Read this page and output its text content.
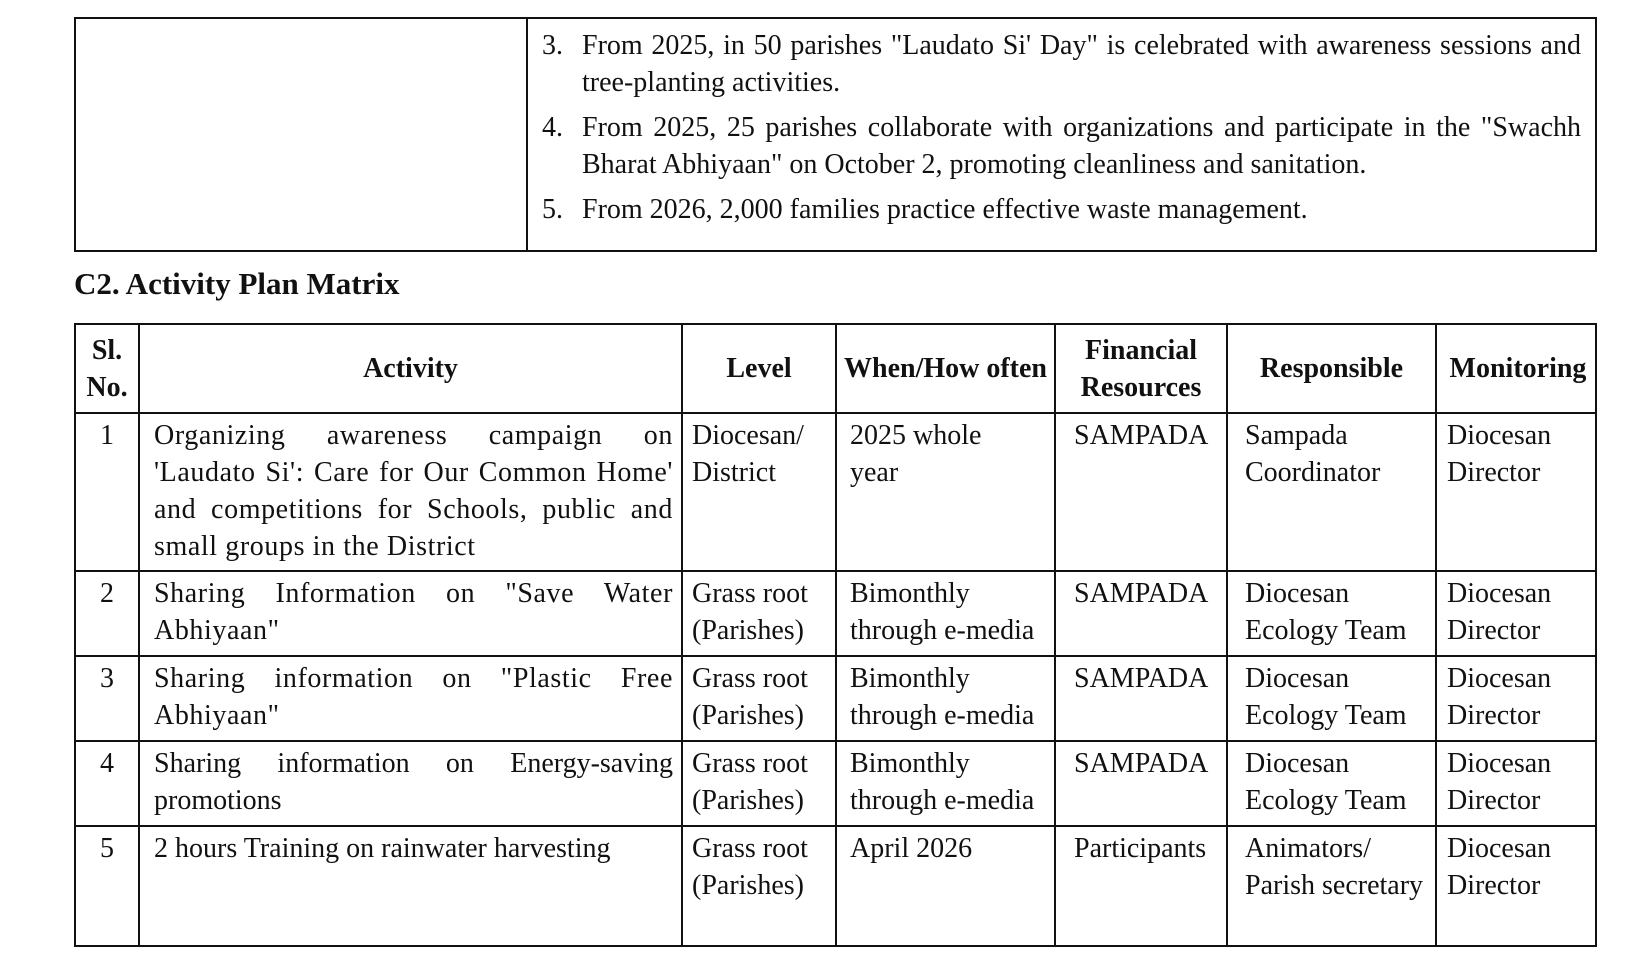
3. From 2025, in 50 parishes "Laudato Si' Day" is celebrated with awareness sessions and tree-planting activities.
4. From 2025, 25 parishes collaborate with organizations and participate in the "Swachh Bharat Abhiyaan" on October 2, promoting cleanliness and sanitation.
5. From 2026, 2,000 families practice effective waste management.
C2. Activity Plan Matrix
Sl. No.	Activity	Level	When/How often	Financial Resources	Responsible	Monitoring
1	Organizing awareness campaign on 'Laudato Si': Care for Our Common Home' and competitions for Schools, public and small groups in the District	Diocesan/ District	2025 whole year	SAMPADA	Sampada Coordinator	Diocesan Director
2	Sharing Information on "Save Water Abhiyaan"	Grass root (Parishes)	Bimonthly through e-media	SAMPADA	Diocesan Ecology Team	Diocesan Director
3	Sharing information on "Plastic Free Abhiyaan"	Grass root (Parishes)	Bimonthly through e-media	SAMPADA	Diocesan Ecology Team	Diocesan Director
4	Sharing information on Energy-saving promotions	Grass root (Parishes)	Bimonthly through e-media	SAMPADA	Diocesan Ecology Team	Diocesan Director
5	2 hours Training on rainwater harvesting	Grass root (Parishes)	April 2026	Participants	Animators/ Parish secretary	Diocesan Director
